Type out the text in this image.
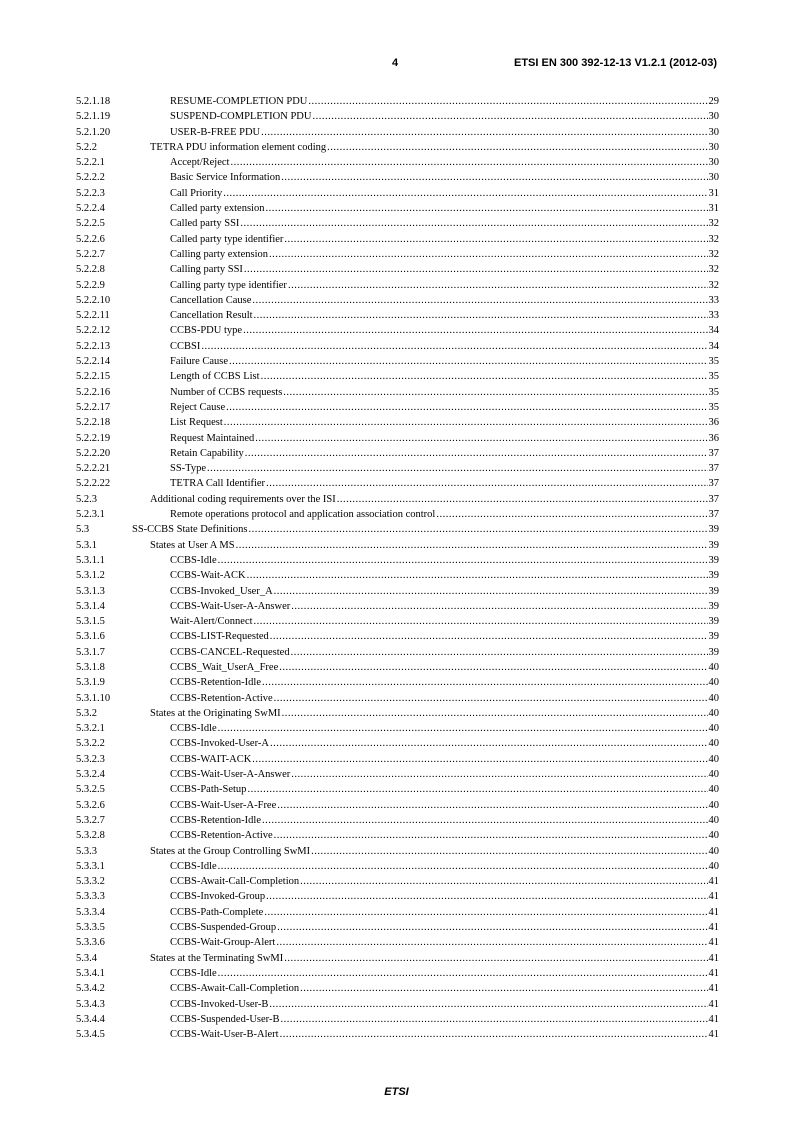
4	ETSI EN 300 392-12-13 V1.2.1 (2012-03)
5.2.1.18	RESUME-COMPLETION PDU .....	29
5.2.1.19	SUSPEND-COMPLETION PDU .....	30
5.2.1.20	USER-B-FREE PDU .....	30
5.2.2	TETRA PDU information element coding .....	30
5.2.2.1	Accept/Reject .....	30
5.2.2.2	Basic Service Information .....	30
5.2.2.3	Call Priority .....	31
5.2.2.4	Called party extension .....	31
5.2.2.5	Called party SSI .....	32
5.2.2.6	Called party type identifier .....	32
5.2.2.7	Calling party extension .....	32
5.2.2.8	Calling party SSI .....	32
5.2.2.9	Calling party type identifier .....	32
5.2.2.10	Cancellation Cause .....	33
5.2.2.11	Cancellation Result .....	33
5.2.2.12	CCBS-PDU type .....	34
5.2.2.13	CCBSI .....	34
5.2.2.14	Failure Cause .....	35
5.2.2.15	Length of CCBS List .....	35
5.2.2.16	Number of CCBS requests .....	35
5.2.2.17	Reject Cause .....	35
5.2.2.18	List Request .....	36
5.2.2.19	Request Maintained .....	36
5.2.2.20	Retain Capability .....	37
5.2.2.21	SS-Type .....	37
5.2.2.22	TETRA Call Identifier .....	37
5.2.3	Additional coding requirements over the ISI .....	37
5.2.3.1	Remote operations protocol and application association control .....	37
5.3	SS-CCBS State Definitions .....	39
5.3.1	States at User A MS .....	39
5.3.1.1	CCBS-Idle .....	39
5.3.1.2	CCBS-Wait-ACK .....	39
5.3.1.3	CCBS-Invoked_User_A .....	39
5.3.1.4	CCBS-Wait-User-A-Answer .....	39
5.3.1.5	Wait-Alert/Connect .....	39
5.3.1.6	CCBS-LIST-Requested .....	39
5.3.1.7	CCBS-CANCEL-Requested .....	39
5.3.1.8	CCBS_Wait_UserA_Free .....	40
5.3.1.9	CCBS-Retention-Idle .....	40
5.3.1.10	CCBS-Retention-Active .....	40
5.3.2	States at the Originating SwMI .....	40
5.3.2.1	CCBS-Idle .....	40
5.3.2.2	CCBS-Invoked-User-A .....	40
5.3.2.3	CCBS-WAIT-ACK .....	40
5.3.2.4	CCBS-Wait-User-A-Answer .....	40
5.3.2.5	CCBS-Path-Setup .....	40
5.3.2.6	CCBS-Wait-User-A-Free .....	40
5.3.2.7	CCBS-Retention-Idle .....	40
5.3.2.8	CCBS-Retention-Active .....	40
5.3.3	States at the Group Controlling SwMI .....	40
5.3.3.1	CCBS-Idle .....	40
5.3.3.2	CCBS-Await-Call-Completion .....	41
5.3.3.3	CCBS-Invoked-Group .....	41
5.3.3.4	CCBS-Path-Complete .....	41
5.3.3.5	CCBS-Suspended-Group .....	41
5.3.3.6	CCBS-Wait-Group-Alert .....	41
5.3.4	States at the Terminating SwMI .....	41
5.3.4.1	CCBS-Idle .....	41
5.3.4.2	CCBS-Await-Call-Completion .....	41
5.3.4.3	CCBS-Invoked-User-B .....	41
5.3.4.4	CCBS-Suspended-User-B .....	41
5.3.4.5	CCBS-Wait-User-B-Alert .....	41
ETSI
